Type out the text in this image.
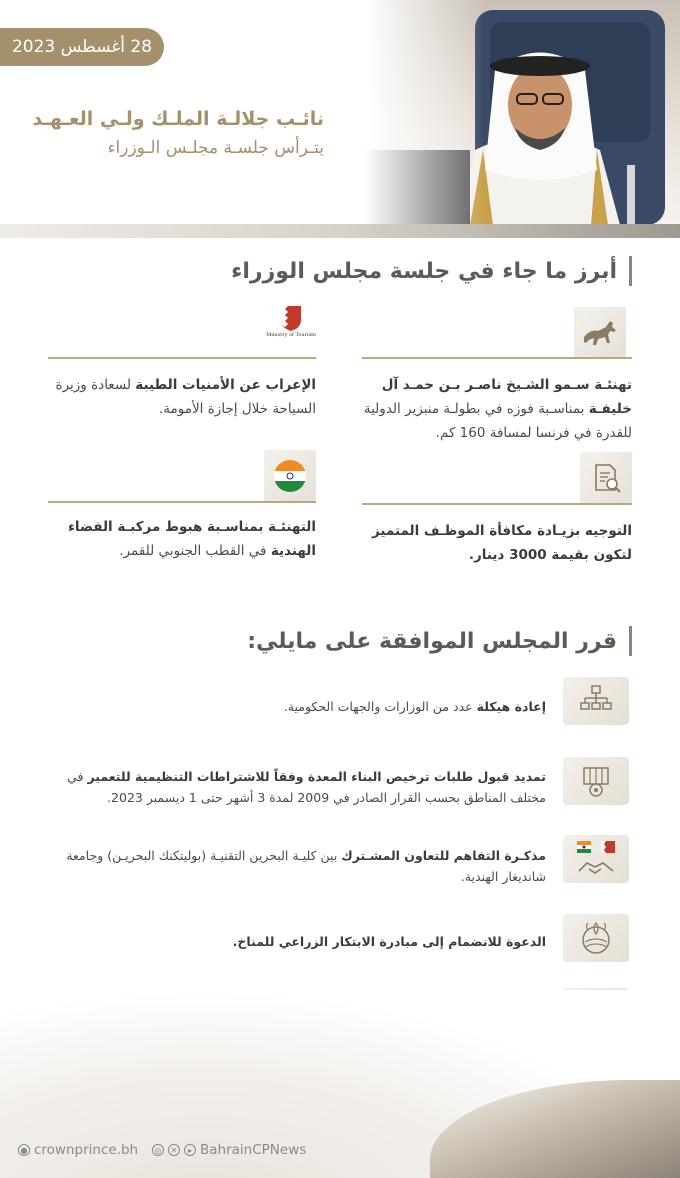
28 أغسطس 2023
نائـب جلالـة الملـك ولـي العـهـد
يتـرأس جلسـة مجلـس الـوزراء
أبرز ما جاء في جلسة مجلس الوزراء
تهنئـة سـمو الشـيخ ناصـر بـن حمـد آل خليفـة بمناسـبة فوزه في بطولـة منبزير الدولية للقدرة في فرنسا لمسافة 160 كم.
Ministry of Tourism
الإعراب عن الأمنيات الطيبة لسعادة وزيرة السياحة خلال إجازة الأمومة.
التوجيه بزيـادة مكافأة الموظـف المتميز لتكون بقيمة 3000 دينار.
التهنئـة بمناسـبة هبوط مركبـة الفضاء الهندية في القطب الجنوبي للقمر.
قرر المجلس الموافقة على مايلي:
إعادة هيكلة عدد من الوزارات والجهات الحكومية.
تمديد قبول طلبات ترخيص البناء المعدة وفقاً للاشتراطات التنظيمية للتعمير في مختلف المناطق بحسب القرار الصادر في 2009 لمدة 3 أشهر حتى 1 ديسمبر 2023.
مذكـرة التفاهم للتعاون المشـترك بين كليـة البحرين التقنيـة (بوليتكنك البحريـن) وجامعة شانديغار الهندية.
الدعوة للانضمام إلى مبادرة الابتكار الزراعي للمناخ.
● crownprince.bh	◎	✕	▸ BahrainCPNews
